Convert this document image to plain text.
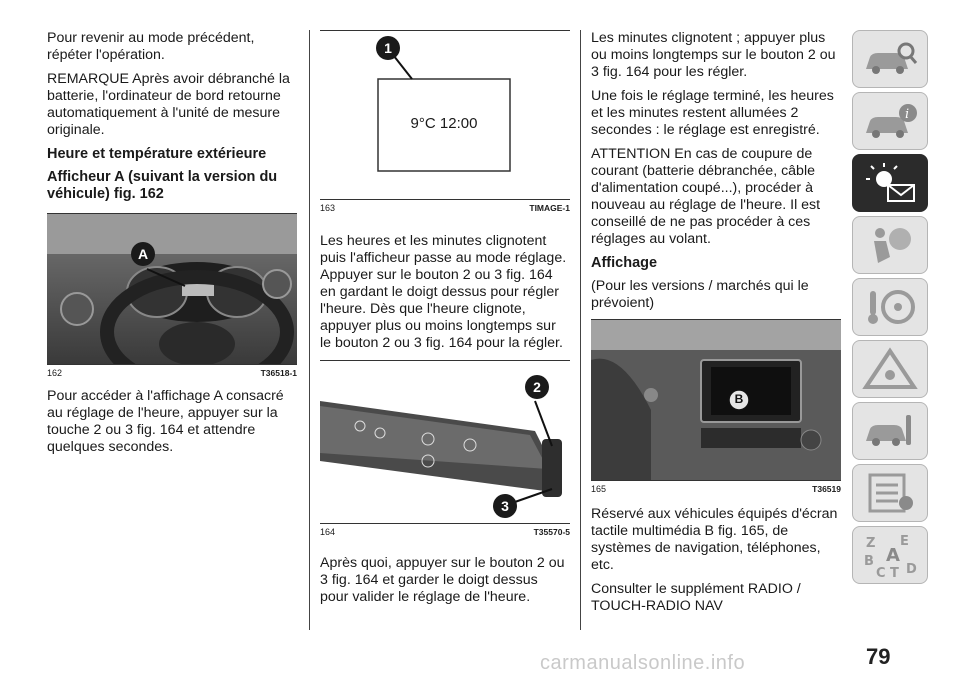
Pour revenir au mode précédent, répéter l'opération.

REMARQUE Après avoir débranché la batterie, l'ordinateur de bord retourne automatiquement à l'unité de mesure originale.

Heure et température extérieure
Afficheur A (suivant la version du véhicule) fig. 162
A
162	T36518-1

Pour accéder à l'affichage A consacré au réglage de l'heure, appuyer sur la touche 2 ou 3 fig. 164 et attendre quelques secondes.

1
9°C 12:00
163	TIMAGE-1

Les heures et les minutes clignotent puis l'afficheur passe au mode réglage. Appuyer sur le bouton 2 ou 3 fig. 164 en gardant le doigt dessus pour régler l'heure. Dès que l'heure clignote, appuyer plus ou moins longtemps sur le bouton 2 ou 3 fig. 164 pour la régler.

2
3
164	T35570-5

Après quoi, appuyer sur le bouton 2 ou 3 fig. 164 et garder le doigt dessus pour valider le réglage de l'heure.

Les minutes clignotent ; appuyer plus ou moins longtemps sur le bouton 2 ou 3 fig. 164 pour les régler.

Une fois le réglage terminé, les heures et les minutes restent allumées 2 secondes : le réglage est enregistré.

ATTENTION En cas de coupure de courant (batterie débranchée, câble d'alimentation coupé...), procéder à nouveau au réglage de l'heure. Il est conseillé de ne pas procéder à ces réglages au volant.

Affichage

(Pour les versions / marchés qui le prévoient)

B
165	T36519

Réservé aux véhicules équipés d'écran tactile multimédia B fig. 165, de systèmes de navigation, téléphones, etc.

Consulter le supplément RADIO / TOUCH-RADIO NAV

i
Z E
B A
C T D
79
carmanualsonline.info
